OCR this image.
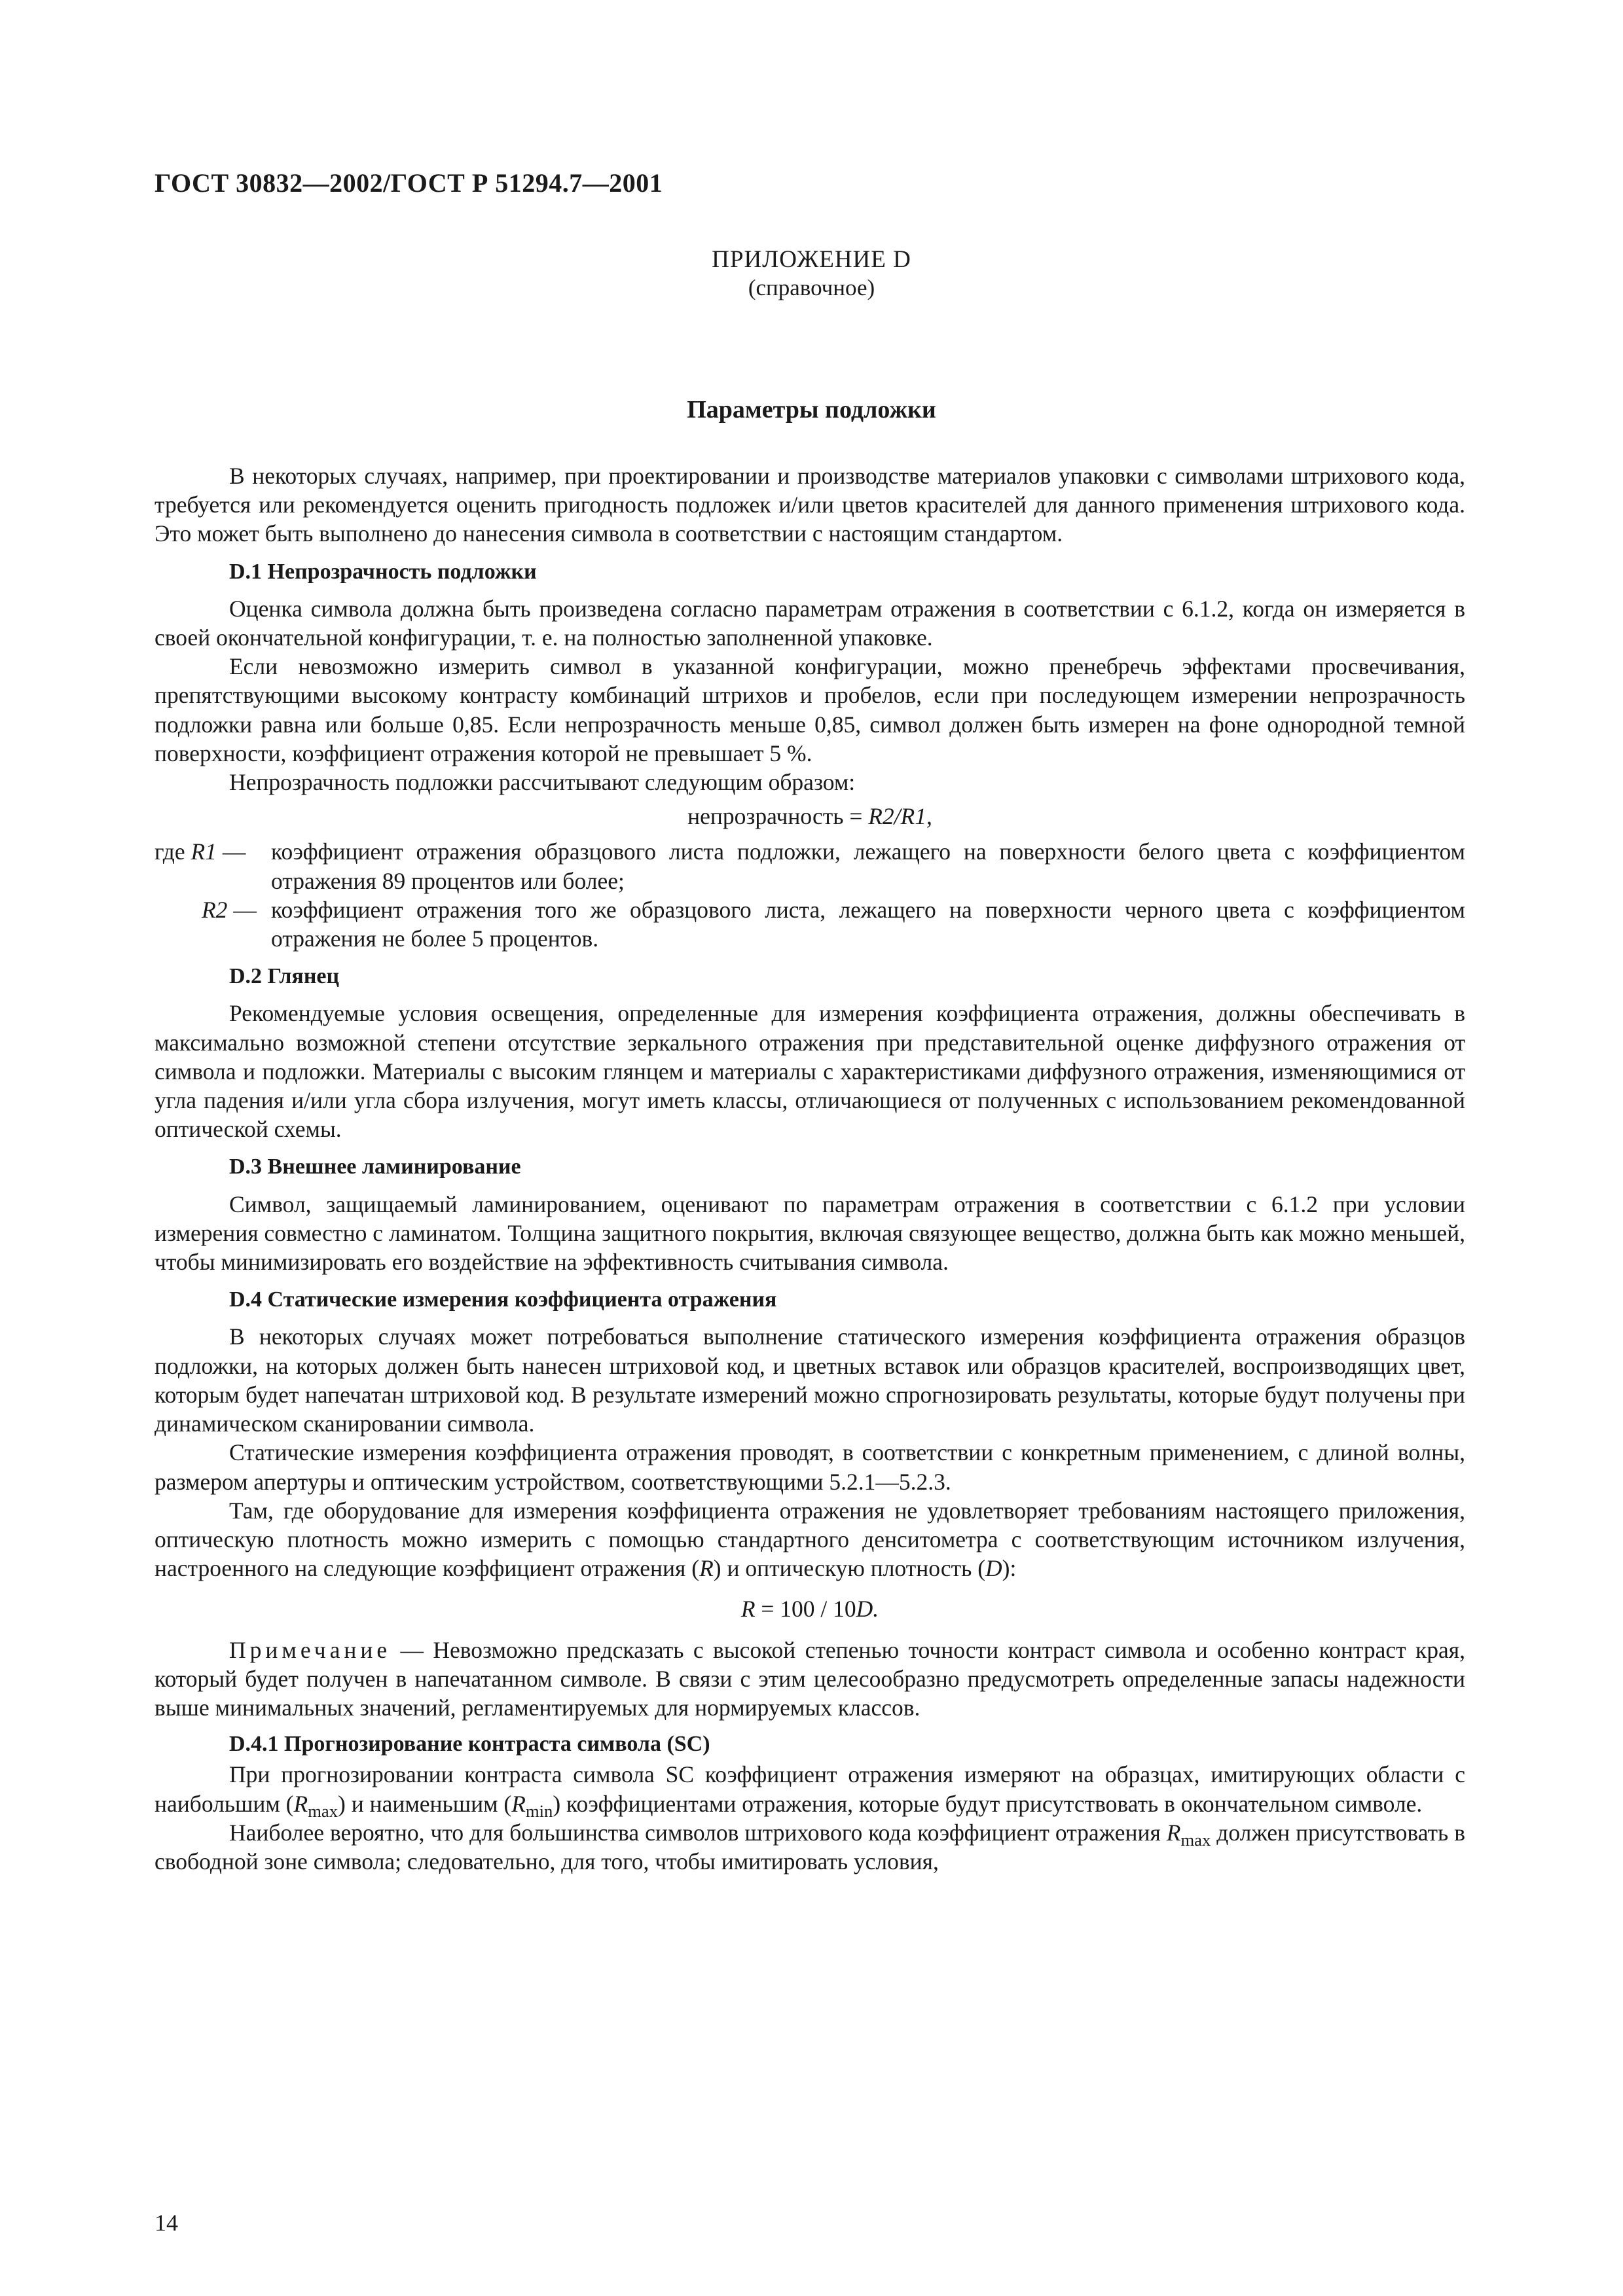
ГОСТ 30832—2002/ГОСТ Р 51294.7—2001
ПРИЛОЖЕНИЕ D
(справочное)
Параметры подложки

В некоторых случаях, например, при проектировании и производстве материалов упаковки с символами штрихового кода, требуется или рекомендуется оценить пригодность подложек и/или цветов красителей для данного применения штрихового кода. Это может быть выполнено до нанесения символа в соответствии с настоящим стандартом.

D.1 Непрозрачность подложки

Оценка символа должна быть произведена согласно параметрам отражения в соответствии с 6.1.2, когда он измеряется в своей окончательной конфигурации, т. е. на полностью заполненной упаковке.

Если невозможно измерить символ в указанной конфигурации, можно пренебречь эффектами просвечивания, препятствующими высокому контрасту комбинаций штрихов и пробелов, если при последующем измерении непрозрачность подложки равна или больше 0,85. Если непрозрачность меньше 0,85, символ должен быть измерен на фоне однородной темной поверхности, коэффициент отражения которой не превышает 5 %.

Непрозрачность подложки рассчитывают следующим образом:

непрозрачность = R2/R1,
где R1 —	коэффициент отражения образцового листа подложки, лежащего на поверхности белого цвета с коэффициентом отражения 89 процентов или более;
R2 — коэффициент отражения того же образцового листа, лежащего на поверхности черного цвета с коэффициентом отражения не более 5 процентов.
D.2 Глянец

Рекомендуемые условия освещения, определенные для измерения коэффициента отражения, должны обеспечивать в максимально возможной степени отсутствие зеркального отражения при представительной оценке диффузного отражения от символа и подложки. Материалы с высоким глянцем и материалы с характеристиками диффузного отражения, изменяющимися от угла падения и/или угла сбора излучения, могут иметь классы, отличающиеся от полученных с использованием рекомендованной оптической схемы.

D.3 Внешнее ламинирование

Символ, защищаемый ламинированием, оценивают по параметрам отражения в соответствии с 6.1.2 при условии измерения совместно с ламинатом. Толщина защитного покрытия, включая связующее вещество, должна быть как можно меньшей, чтобы минимизировать его воздействие на эффективность считывания символа.

D.4 Статические измерения коэффициента отражения

В некоторых случаях может потребоваться выполнение статического измерения коэффициента отражения образцов подложки, на которых должен быть нанесен штриховой код, и цветных вставок или образцов красителей, воспроизводящих цвет, которым будет напечатан штриховой код. В результате измерений можно спрогнозировать результаты, которые будут получены при динамическом сканировании символа.

Статические измерения коэффициента отражения проводят, в соответствии с конкретным применением, с длиной волны, размером апертуры и оптическим устройством, соответствующими 5.2.1—5.2.3.

Там, где оборудование для измерения коэффициента отражения не удовлетворяет требованиям настоящего приложения, оптическую плотность можно измерить с помощью стандартного денситометра с соответствующим источником излучения, настроенного на следующие коэффициент отражения (R) и оптическую плотность (D):

R = 100 / 10D.

Примечание — Невозможно предсказать с высокой степенью точности контраст символа и особенно контраст края, который будет получен в напечатанном символе. В связи с этим целесообразно предусмотреть определенные запасы надежности выше минимальных значений, регламентируемых для нормируемых классов.

D.4.1 Прогнозирование контраста символа (SC)

При прогнозировании контраста символа SC коэффициент отражения измеряют на образцах, имитирующих области с наибольшим $(R_{max})$ и наименьшим $(R_{min})$ коэффициентами отражения, которые будут присутствовать в окончательном символе.

Наиболее вероятно, что для большинства символов штрихового кода коэффициент отражения $R_{max}$ должен присутствовать в свободной зоне символа; следовательно, для того, чтобы имитировать условия,

14
